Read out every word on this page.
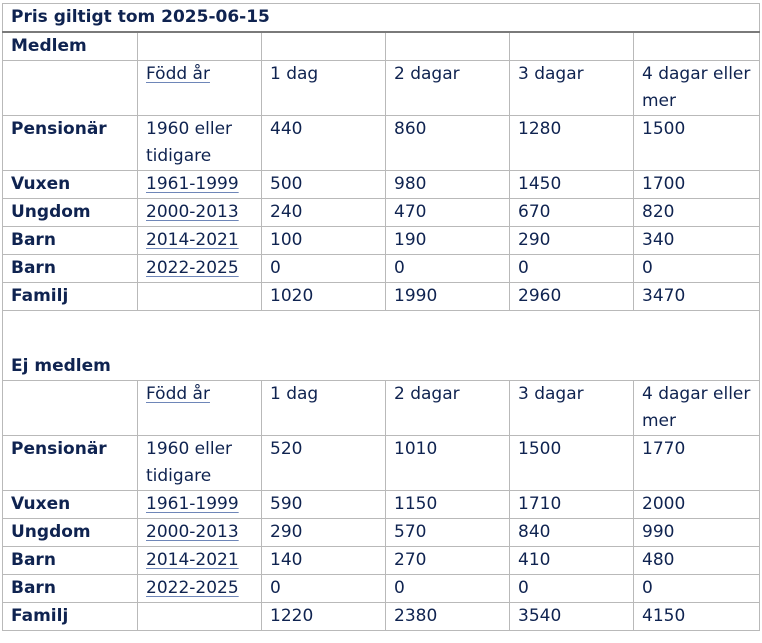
Pris giltigt tom 2025-06-15					
Medlem					
	Född år	1 dag	2 dagar	3 dagar	4 dagar eller mer
Pensionär	1960 eller tidigare	440	860	1280	1500
Vuxen	1961-1999	500	980	1450	1700
Ungdom	2000-2013	240	470	670	820
Barn	2014-2021	100	190	290	340
Barn	2022-2025	0	0	0	0
Familj		1020	1990	2960	3470
Ej medlem					
	Född år	1 dag	2 dagar	3 dagar	4 dagar eller mer
Pensionär	1960 eller tidigare	520	1010	1500	1770
Vuxen	1961-1999	590	1150	1710	2000
Ungdom	2000-2013	290	570	840	990
Barn	2014-2021	140	270	410	480
Barn	2022-2025	0	0	0	0
Familj		1220	2380	3540	4150
